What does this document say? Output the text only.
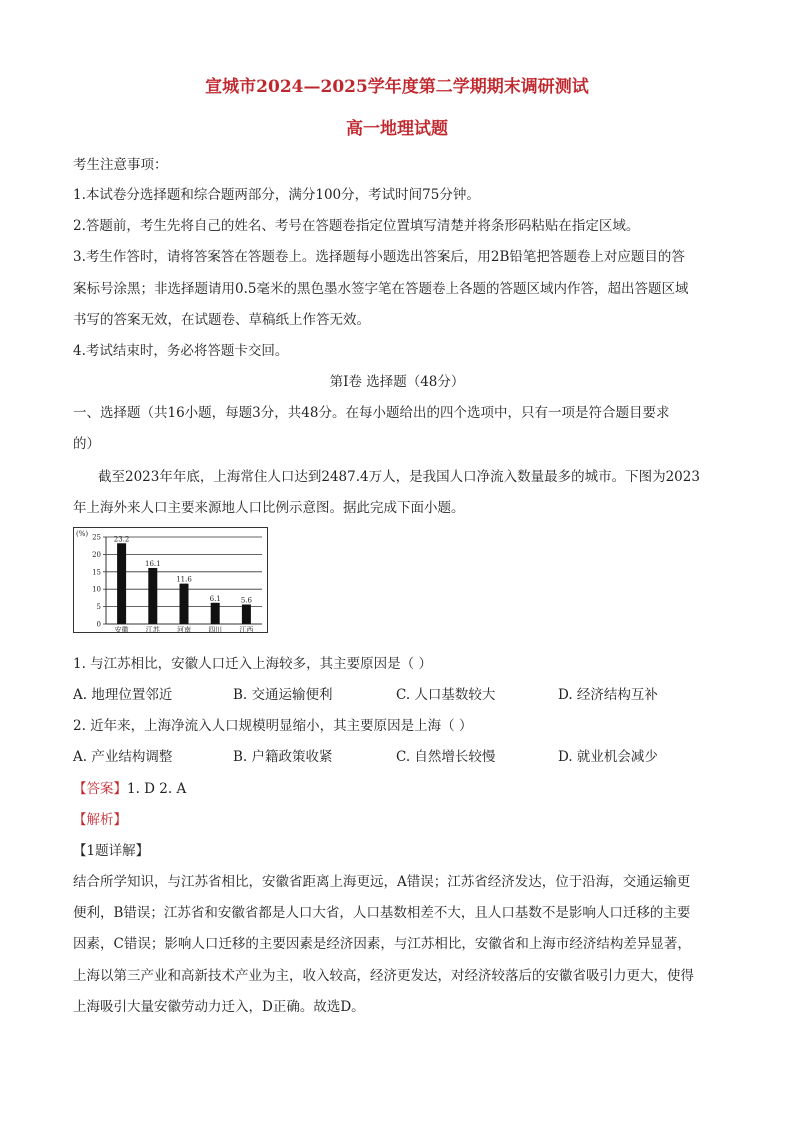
宣城市2024—2025学年度第二学期期末调研测试
高一地理试题
考生注意事项：
1.本试卷分选择题和综合题两部分，满分100分，考试时间75分钟。
2.答题前，考生先将自己的姓名、考号在答题卷指定位置填写清楚并将条形码粘贴在指定区域。
3.考生作答时，请将答案答在答题卷上。选择题每小题选出答案后，用2B铅笔把答题卷上对应题目的答
案标号涂黑；非选择题请用0.5毫米的黑色墨水签字笔在答题卷上各题的答题区域内作答，超出答题区域
书写的答案无效，在试题卷、草稿纸上作答无效。
4.考试结束时，务必将答题卡交回。
第Ⅰ卷 选择题（48分）
一、选择题（共16小题，每题3分，共48分。在每小题给出的四个选项中，只有一项是符合题目要求
的）
截至2023年年底，上海常住人口达到2487.4万人，是我国人口净流入数量最多的城市。下图为2023
年上海外来人口主要来源地人口比例示意图。据此完成下面小题。
(%)
0
5
10
15
20
25 23.2
安徽
16.1
江苏
11.6
河南
6.1
四川
5.6
江西
1. 与江苏相比，安徽人口迁入上海较多，其主要原因是（ ）
A. 地理位置邻近	B. 交通运输便利	C. 人口基数较大	D. 经济结构互补
2. 近年来，上海净流入人口规模明显缩小，其主要原因是上海（ ）
A. 产业结构调整	B. 户籍政策收紧	C. 自然增长较慢	D. 就业机会减少
【答案】1. D 2. A
【解析】
【1题详解】
结合所学知识，与江苏省相比，安徽省距离上海更远，A错误；江苏省经济发达，位于沿海，交通运输更
便利，B错误；江苏省和安徽省都是人口大省，人口基数相差不大，且人口基数不是影响人口迁移的主要
因素，C错误；影响人口迁移的主要因素是经济因素，与江苏相比，安徽省和上海市经济结构差异显著，
上海以第三产业和高新技术产业为主，收入较高，经济更发达，对经济较落后的安徽省吸引力更大，使得
上海吸引大量安徽劳动力迁入，D正确。故选D。
